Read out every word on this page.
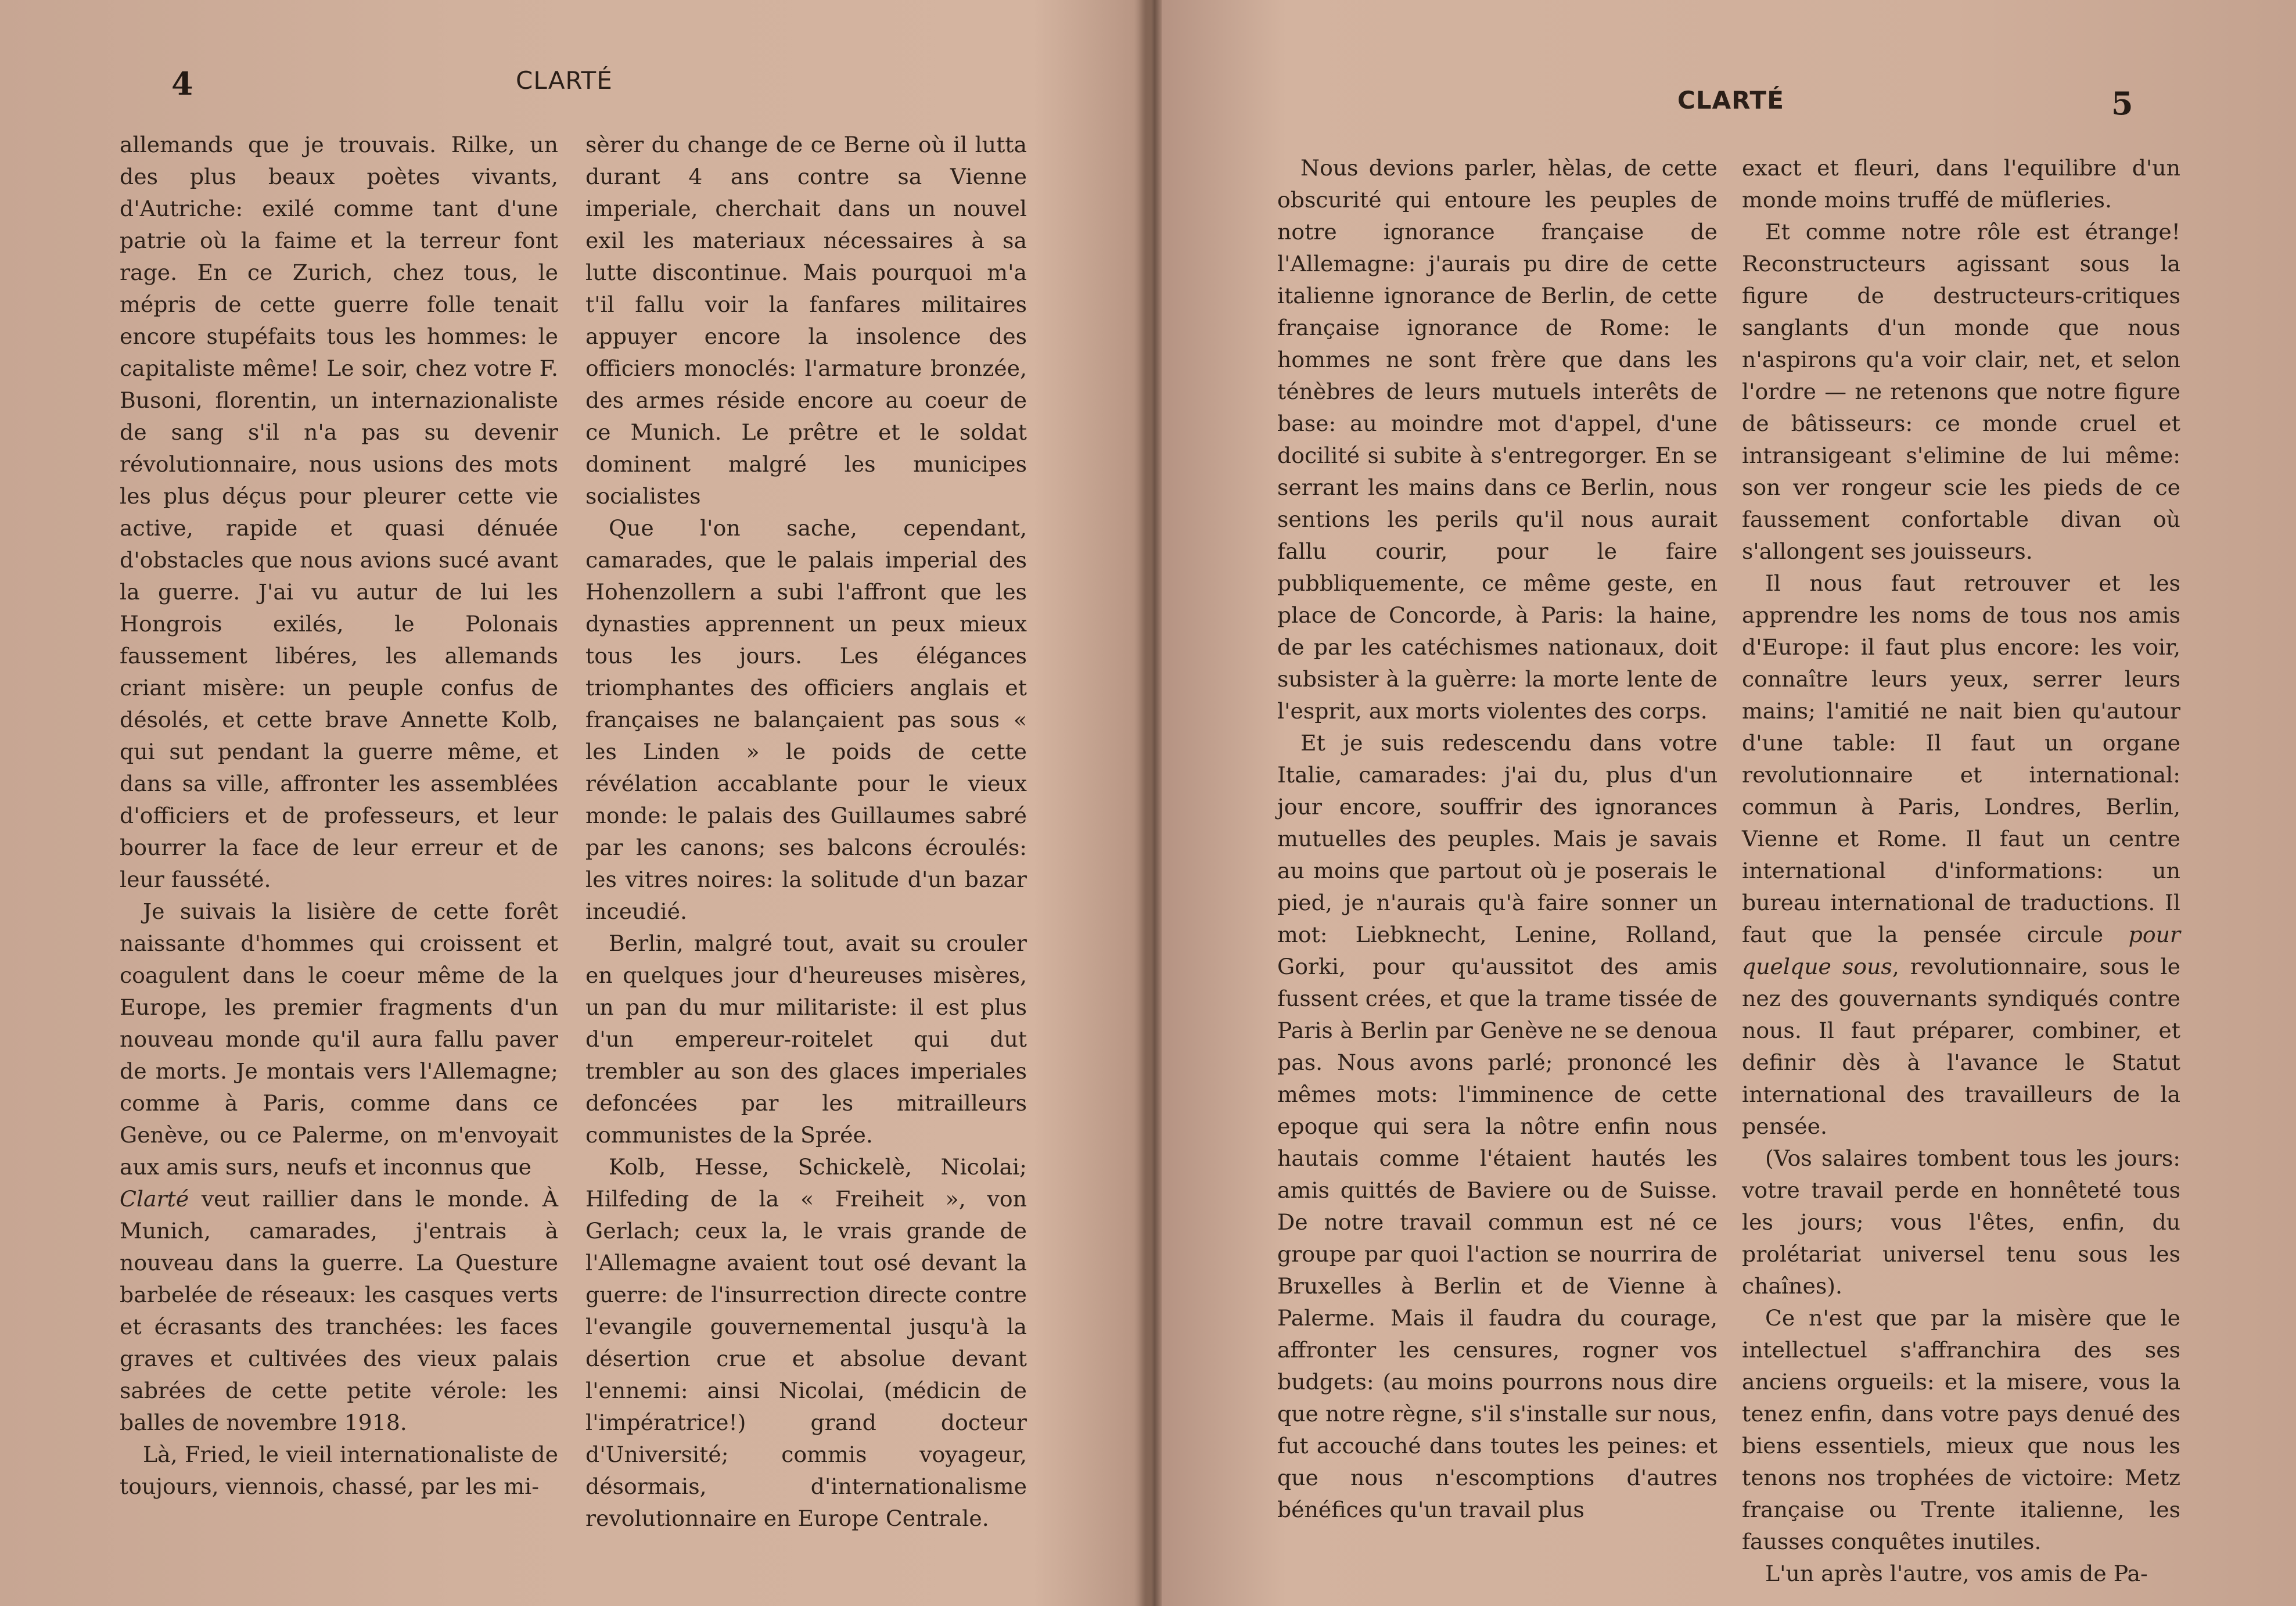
4	CLARTÉ

allemands que je trouvais. Rilke, un des plus beaux poètes vivants, d'Autriche: exilé comme tant d'une patrie où la faime et la terreur font rage. En ce Zurich, chez tous, le mépris de cette guerre folle tenait encore stupéfaits tous les hommes: le capitaliste même! Le soir, chez votre F. Busoni, florentin, un internazionaliste de sang s'il n'a pas su devenir révolutionnaire, nous usions des mots les plus déçus pour pleurer cette vie active, rapide et quasi dénuée d'obstacles que nous avions sucé avant la guerre. J'ai vu autur de lui les Hongrois exilés, le Polonais faussement libéres, les allemands criant misère: un peuple confus de désolés, et cette brave Annette Kolb, qui sut pendant la guerre même, et dans sa ville, affronter les assemblées d'officiers et de professeurs, et leur bourrer la face de leur erreur et de leur faussété.

Je suivais la lisière de cette forêt naissante d'hommes qui croissent et coagulent dans le coeur même de la Europe, les premier fragments d'un nouveau monde qu'il aura fallu paver de morts. Je montais vers l'Allemagne; comme à Paris, comme dans ce Genève, ou ce Palerme, on m'envoyait aux amis surs, neufs et inconnus que

Clarté veut raillier dans le monde. À Munich, camarades, j'entrais à nouveau dans la guerre. La Questure barbelée de réseaux: les casques verts et écrasants des tranchées: les faces graves et cultivées des vieux palais sabrées de cette petite vérole: les balles de novembre 1918.

Là, Fried, le vieil internationaliste de toujours, viennois, chassé, par les mi-

sèrer du change de ce Berne où il lutta durant 4 ans contre sa Vienne imperiale, cherchait dans un nouvel exil les materiaux nécessaires à sa lutte discontinue. Mais pourquoi m'a t'il fallu voir la fanfares militaires appuyer encore la insolence des officiers monoclés: l'armature bronzée, des armes réside encore au coeur de ce Munich. Le prêtre et le soldat dominent malgré les municipes socialistes

Que l'on sache, cependant, camarades, que le palais imperial des Hohenzollern a subi l'affront que les dynasties apprennent un peux mieux tous les jours. Les élégances triomphantes des officiers anglais et françaises ne balançaient pas sous « les Linden » le poids de cette révélation accablante pour le vieux monde: le palais des Guillaumes sabré par les canons; ses balcons écroulés: les vitres noires: la solitude d'un bazar inceudié.

Berlin, malgré tout, avait su crouler en quelques jour d'heureuses misères, un pan du mur militariste: il est plus d'un empereur-roitelet qui dut trembler au son des glaces imperiales defoncées par les mitrailleurs communistes de la Sprée.

Kolb, Hesse, Schickelè, Nicolai; Hilfeding de la « Freiheit », von Gerlach; ceux la, le vrais grande de l'Allemagne avaient tout osé devant la guerre: de l'insurrection directe contre l'evangile gouvernemental jusqu'à la désertion crue et absolue devant l'ennemi: ainsi Nicolai, (médicin de l'impératrice!) grand docteur d'Université; commis voyageur, désormais, d'internationalisme revolutionnaire en Europe Centrale.

CLARTÉ	5

Nous devions parler, hèlas, de cette obscurité qui entoure les peuples de notre ignorance française de l'Allemagne: j'aurais pu dire de cette italienne ignorance de Berlin, de cette française ignorance de Rome: le hommes ne sont frère que dans les ténèbres de leurs mutuels interêts de base: au moindre mot d'appel, d'une docilité si subite à s'entregorger. En se serrant les mains dans ce Berlin, nous sentions les perils qu'il nous aurait fallu courir, pour le faire pubbliquemente, ce même geste, en place de Concorde, à Paris: la haine, de par les catéchismes nationaux, doit subsister à la guèrre: la morte lente de l'esprit, aux morts violentes des corps.

Et je suis redescendu dans votre Italie, camarades: j'ai du, plus d'un jour encore, souffrir des ignorances mutuelles des peuples. Mais je savais au moins que partout où je poserais le pied, je n'aurais qu'à faire sonner un mot: Liebknecht, Lenine, Rolland, Gorki, pour qu'aussitot des amis fussent crées, et que la trame tissée de Paris à Berlin par Genève ne se denoua pas. Nous avons parlé; prononcé les mêmes mots: l'imminence de cette epoque qui sera la nôtre enfin nous hautais comme l'étaient hautés les amis quittés de Baviere ou de Suisse. De notre travail commun est né ce groupe par quoi l'action se nourrira de Bruxelles à Berlin et de Vienne à Palerme. Mais il faudra du courage, affronter les censures, rogner vos budgets: (au moins pourrons nous dire que notre règne, s'il s'installe sur nous, fut accouché dans toutes les peines: et que nous n'escomptions d'autres bénéfices qu'un travail plus

exact et fleuri, dans l'equilibre d'un monde moins truffé de müfleries.

Et comme notre rôle est étrange! Reconstructeurs agissant sous la figure de destructeurs-critiques sanglants d'un monde que nous n'aspirons qu'a voir clair, net, et selon l'ordre — ne retenons que notre figure de bâtisseurs: ce monde cruel et intransigeant s'elimine de lui même: son ver rongeur scie les pieds de ce faussement confortable divan où s'allongent ses jouisseurs.

Il nous faut retrouver et les apprendre les noms de tous nos amis d'Europe: il faut plus encore: les voir, connaître leurs yeux, serrer leurs mains; l'amitié ne nait bien qu'autour d'une table: Il faut un organe revolutionnaire et international: commun à Paris, Londres, Berlin, Vienne et Rome. Il faut un centre international d'informations: un bureau international de traductions. Il faut que la pensée circule pour quelque sous, revolutionnaire, sous le nez des gouvernants syndiqués contre nous. Il faut préparer, combiner, et definir dès à l'avance le Statut international des travailleurs de la pensée.

(Vos salaires tombent tous les jours: votre travail perde en honnêteté tous les jours; vous l'êtes, enfin, du prolétariat universel tenu sous les chaînes).

Ce n'est que par la misère que le intellectuel s'affranchira des ses anciens orgueils: et la misere, vous la tenez enfin, dans votre pays denué des biens essentiels, mieux que nous les tenons nos trophées de victoire: Metz française ou Trente italienne, les fausses conquêtes inutiles.

L'un après l'autre, vos amis de Pa-
